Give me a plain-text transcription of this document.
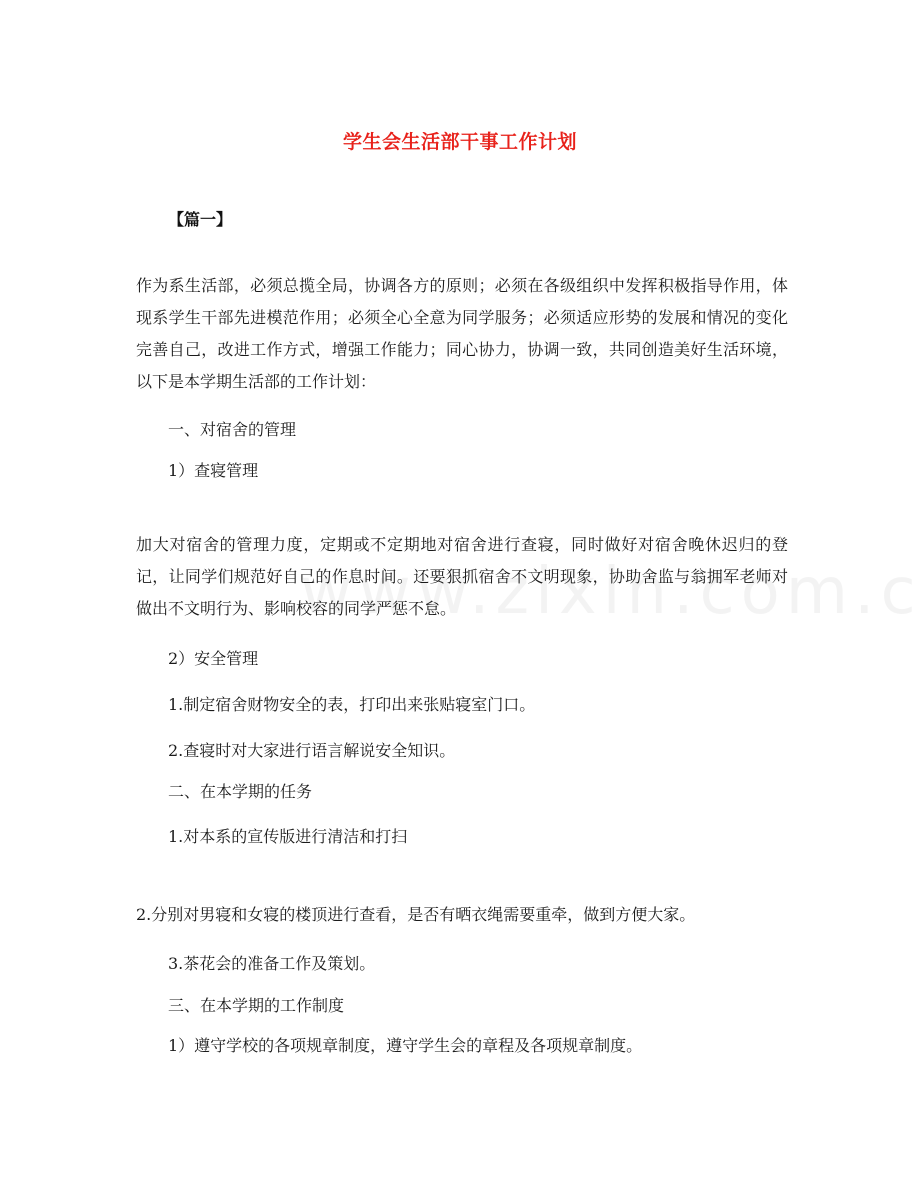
学生会生活部干事工作计划
【篇一】

作为系生活部，必须总揽全局，协调各方的原则；必须在各级组织中发挥积极指导作用，体现系学生干部先进模范作用；必须全心全意为同学服务；必须适应形势的发展和情况的变化完善自己，改进工作方式，增强工作能力；同心协力，协调一致，共同创造美好生活环境，以下是本学期生活部的工作计划：

一、对宿舍的管理

1）查寝管理

加大对宿舍的管理力度，定期或不定期地对宿舍进行查寝，同时做好对宿舍晚休迟归的登记，让同学们规范好自己的作息时间。还要狠抓宿舍不文明现象，协助舍监与翁拥军老师对做出不文明行为、影响校容的同学严惩不怠。

2）安全管理

1.制定宿舍财物安全的表，打印出来张贴寝室门口。

2.查寝时对大家进行语言解说安全知识。

二、在本学期的任务

1.对本系的宣传版进行清洁和打扫

2.分别对男寝和女寝的楼顶进行查看，是否有晒衣绳需要重牵，做到方便大家。

3.茶花会的准备工作及策划。

三、在本学期的工作制度

1）遵守学校的各项规章制度，遵守学生会的章程及各项规章制度。
